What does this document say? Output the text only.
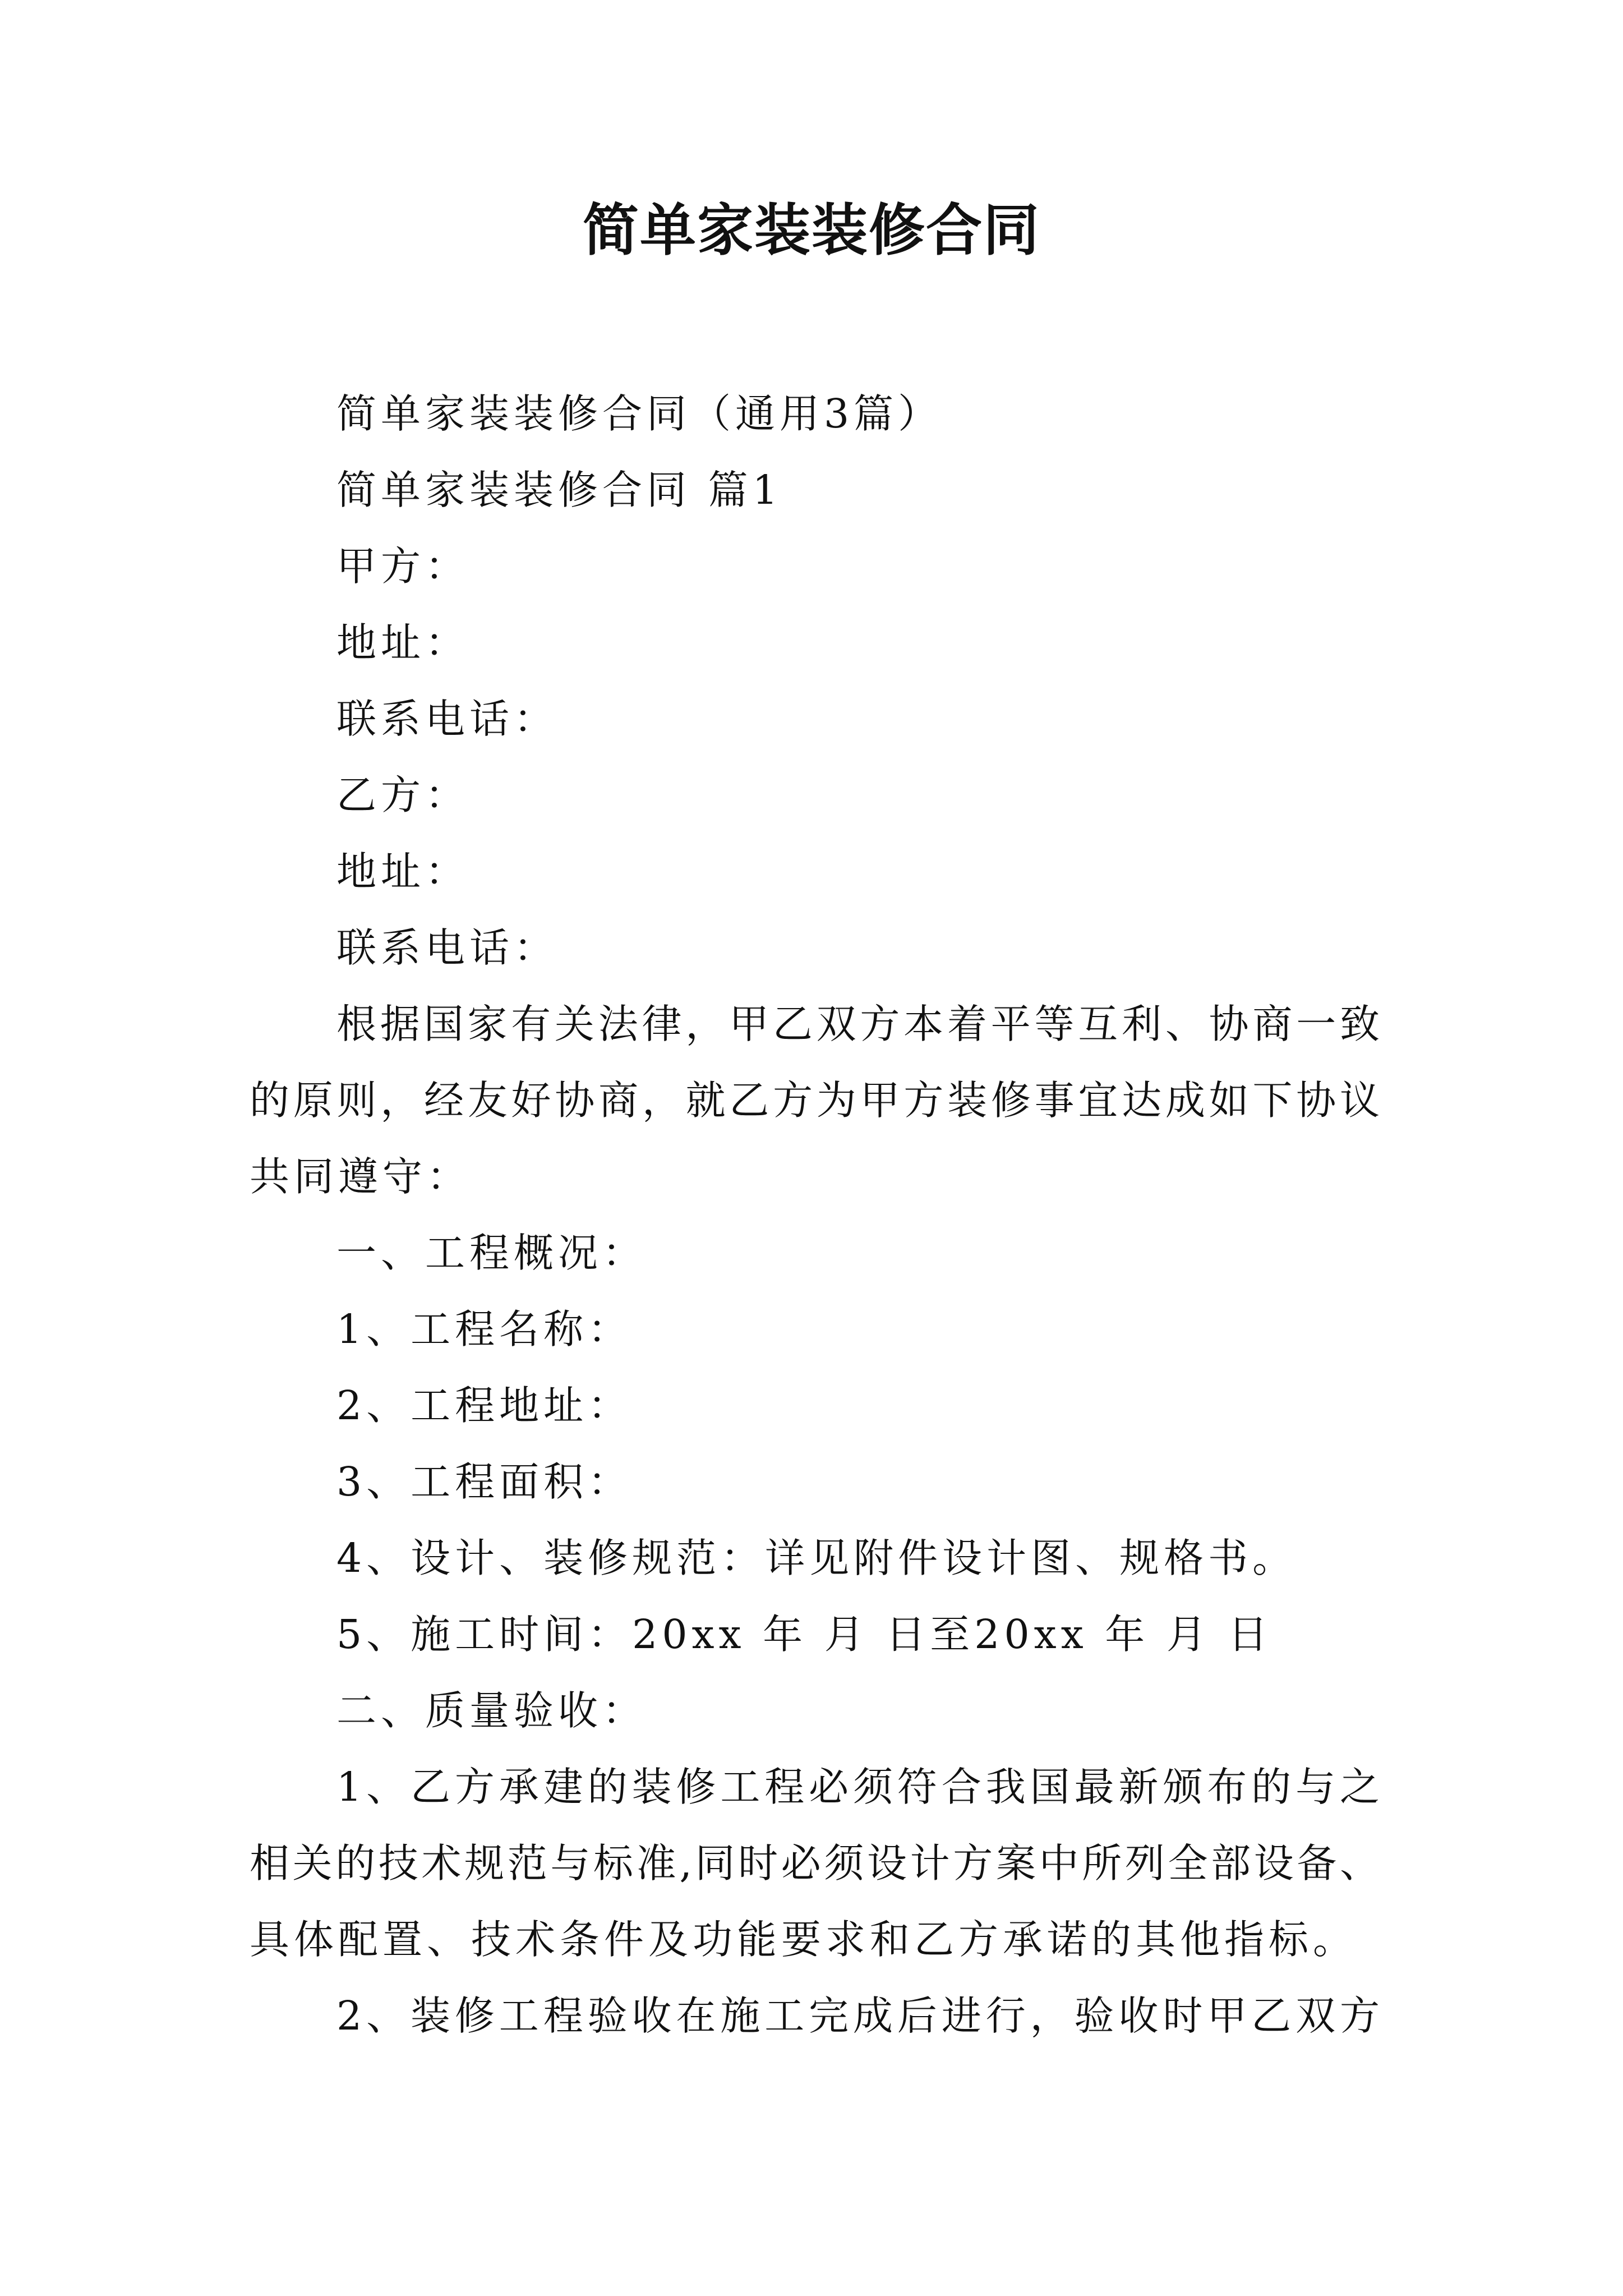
简单家装装修合同
简单家装装修合同（通用3篇）
简单家装装修合同 篇1
甲方：
地址：
联系电话：
乙方：
地址：
联系电话：
根据国家有关法律，甲乙双方本着平等互利、协商一致
的原则，经友好协商，就乙方为甲方装修事宜达成如下协议
共同遵守：
一、工程概况：
1、工程名称：
2、工程地址：
3、工程面积：
4、设计、装修规范：详见附件设计图、规格书。
5、施工时间：20xx 年 月 日至20xx 年 月 日
二、质量验收：
1、乙方承建的装修工程必须符合我国最新颁布的与之
相关的技术规范与标准,同时必须设计方案中所列全部设备、
具体配置、技术条件及功能要求和乙方承诺的其他指标。
2、装修工程验收在施工完成后进行，验收时甲乙双方
